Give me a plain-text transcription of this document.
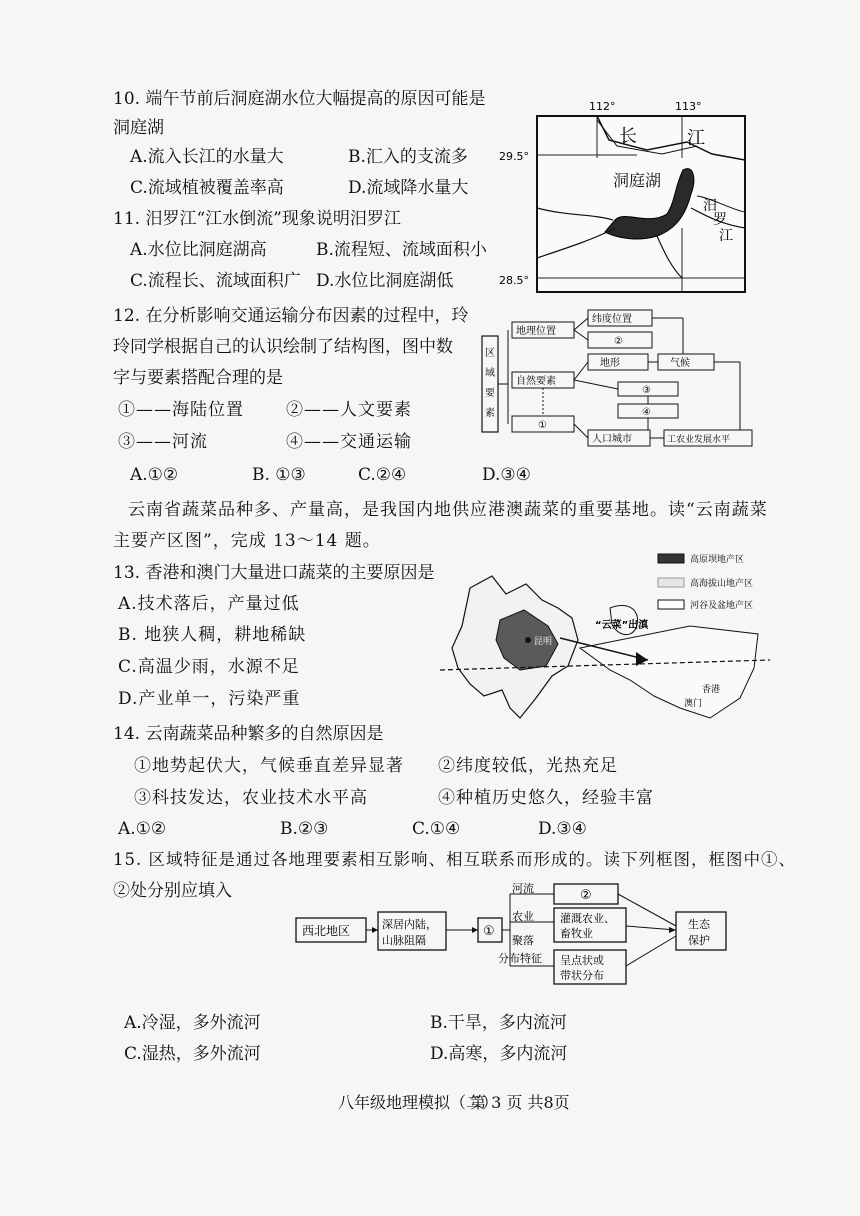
10. 端午节前后洞庭湖水位大幅提高的原因可能是
洞庭湖
A.流入长江的水量大	B.汇入的支流多
C.流域植被覆盖率高	D.流域降水量大
11. 汨罗江“江水倒流”现象说明汨罗江
A.水位比洞庭湖高	B.流程短、流域面积小
C.流程长、流域面积广 D.水位比洞庭湖低
112°	113°
29.5°
28.5°
长	江
洞庭湖
汨
罗
江
12. 在分析影响交通运输分布因素的过程中，玲
玲同学根据自己的认识绘制了结构图，图中数
字与要素搭配合理的是
①——海陆位置 ②——人文要素
③——河流	④——交通运输
A.①②	B. ①③	C.②④	D.③④
区
域
要
素
地理位置
纬度位置
②
自然要素
地形	气候
③
④
①
人口城市	工农业发展水平
云南省蔬菜品种多、产量高，是我国内地供应港澳蔬菜的重要基地。读“云南蔬菜
主要产区图”，完成 13～14 题。
13. 香港和澳门大量进口蔬菜的主要原因是
A.技术落后，产量过低
B. 地狭人稠，耕地稀缺
C.高温少雨，水源不足
D.产业单一，污染严重
高原坝地产区
高海拔山地产区
河谷及盆地产区
“云菜”出滇
昆明
香港
澳门
14. 云南蔬菜品种繁多的自然原因是
①地势起伏大，气候垂直差异显著 ②纬度较低，光热充足
③科技发达，农业技术水平高	④种植历史悠久，经验丰富
A.①②	B.②③	C.①④	D.③④
15. 区域特征是通过各地理要素相互影响、相互联系而形成的。读下列框图，框图中①、
②处分别应填入
西北地区	深居内陆，
山脉阻隔
①
河流
农业
聚落
分布特征
②
灌溉农业、
畜牧业
呈点状或
带状分布
生态
保护
A.冷湿，多外流河	B.干旱，多内流河
C.湿热，多外流河	D.高寒，多内流河
八年级地理模拟（二）
第 3 页 共8页
